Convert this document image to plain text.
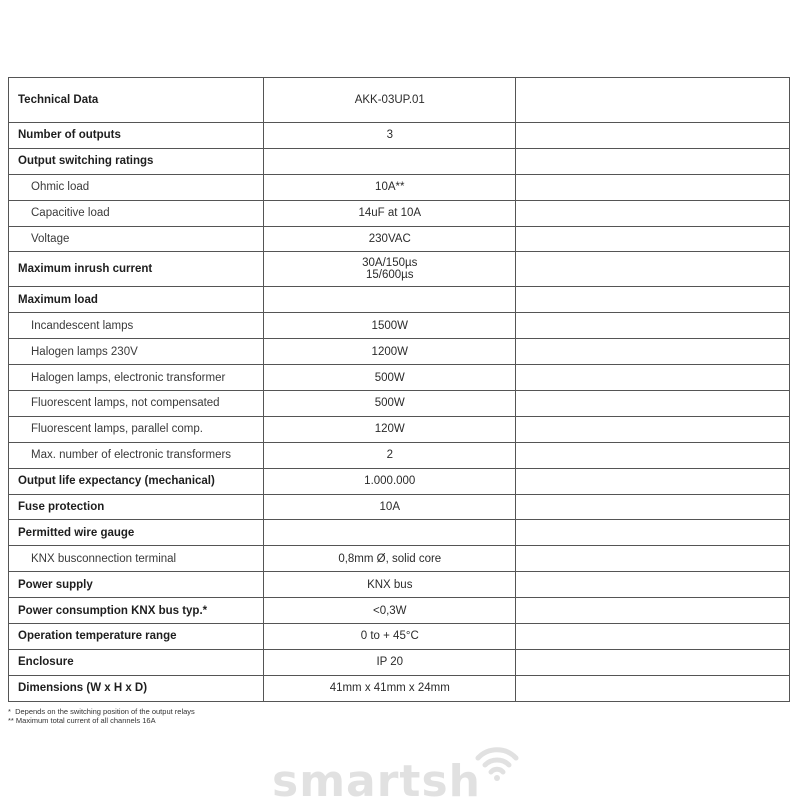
Technical Data	AKK-03UP.01	
Number of outputs	3	

Output switching ratings	

Ohmic load	10A**	

Capacitive load	14uF at 10A	

Voltage	230VAC	

Maximum inrush current	30A/150µs
15/600µs	

Maximum load	

Incandescent lamps	1500W	

Halogen lamps 230V	1200W	

Halogen lamps, electronic transformer	500W	

Fluorescent lamps, not compensated	500W	

Fluorescent lamps, parallel comp.	120W	

Max. number of electronic transformers	2	

Output life expectancy (mechanical)	1.000.000	

Fuse protection	10A	

Permitted wire gauge	

KNX busconnection terminal	0,8mm Ø, solid core	

Power supply	KNX bus	

Power consumption KNX bus typ.*	<0,3W	

Operation temperature range	0 to + 45°C	

Enclosure	IP 20	

Dimensions (W x H x D)	41mm x 41mm x 24mm	

*  Depends on the switching position of the output relays
** Maximum total current of all channels 16A
smartsh
